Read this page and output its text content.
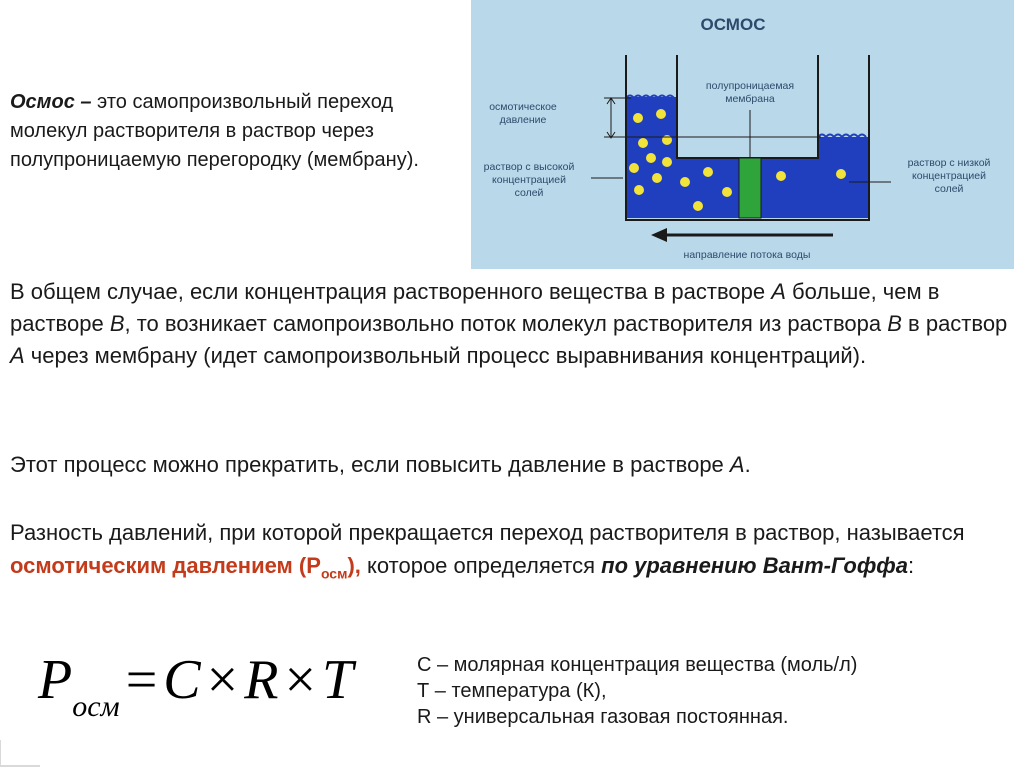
Осмос – это самопроизвольный переход молекул растворителя в раствор через полупроницаемую перегородку (мембрану).
ОСМОС
полупроницаемая
мембрана
осмотическое
давление
раствор с высокой
концентрацией
солей
раствор с низкой
концентрацией
солей
направление потока воды
В общем случае, если концентрация растворенного вещества в растворе A больше, чем в растворе B, то возникает самопроизвольно поток молекул растворителя из раствора B в раствор A через мембрану (идет самопроизвольный процесс выравнивания концентраций).
Этот процесс можно прекратить, если повысить давление в растворе A.
Разность давлений, при которой прекращается переход растворителя в раствор, называется осмотическим давлением $(Р_{осм})$, которое определяется по уравнению Вант-Гоффа:
$P_{осм} = C \times R \times T$	С – молярная концентрация вещества (моль/л)
Т – температура (К),
R – универсальная газовая постоянная.
